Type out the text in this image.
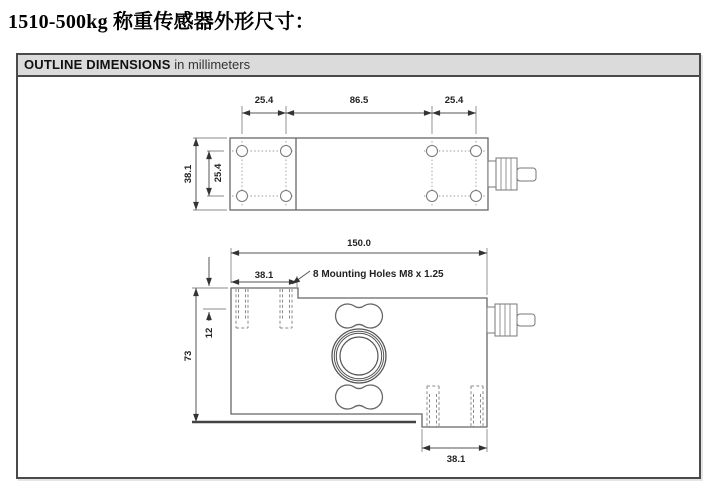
1510-500kg 称重传感器外形尺寸：
OUTLINE DIMENSIONS in millimeters
25.4	86.5	25.4
38.1 25.4
150.0
38.1	8 Mounting Holes M8 x 1.25
12
73
38.1
